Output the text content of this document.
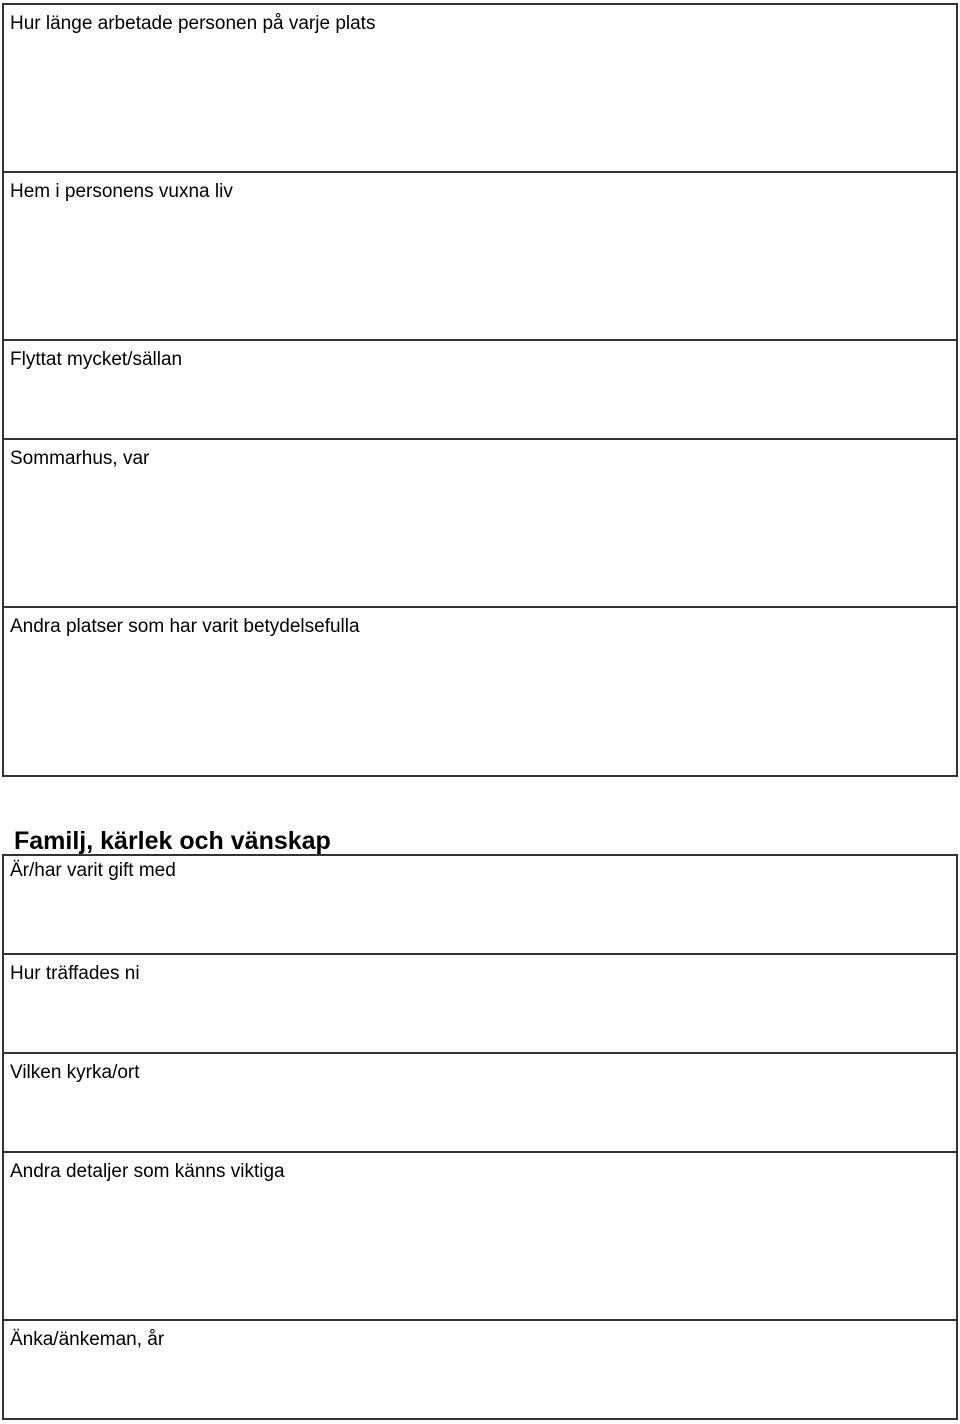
Hur länge arbetade personen på varje plats

Hem i personens vuxna liv

Flyttat mycket/sällan

Sommarhus, var

Andra platser som har varit betydelsefulla
Familj, kärlek och vänskap
Är/har varit gift med

Hur träffades ni

Vilken kyrka/ort

Andra detaljer som känns viktiga

Änka/änkeman, år
